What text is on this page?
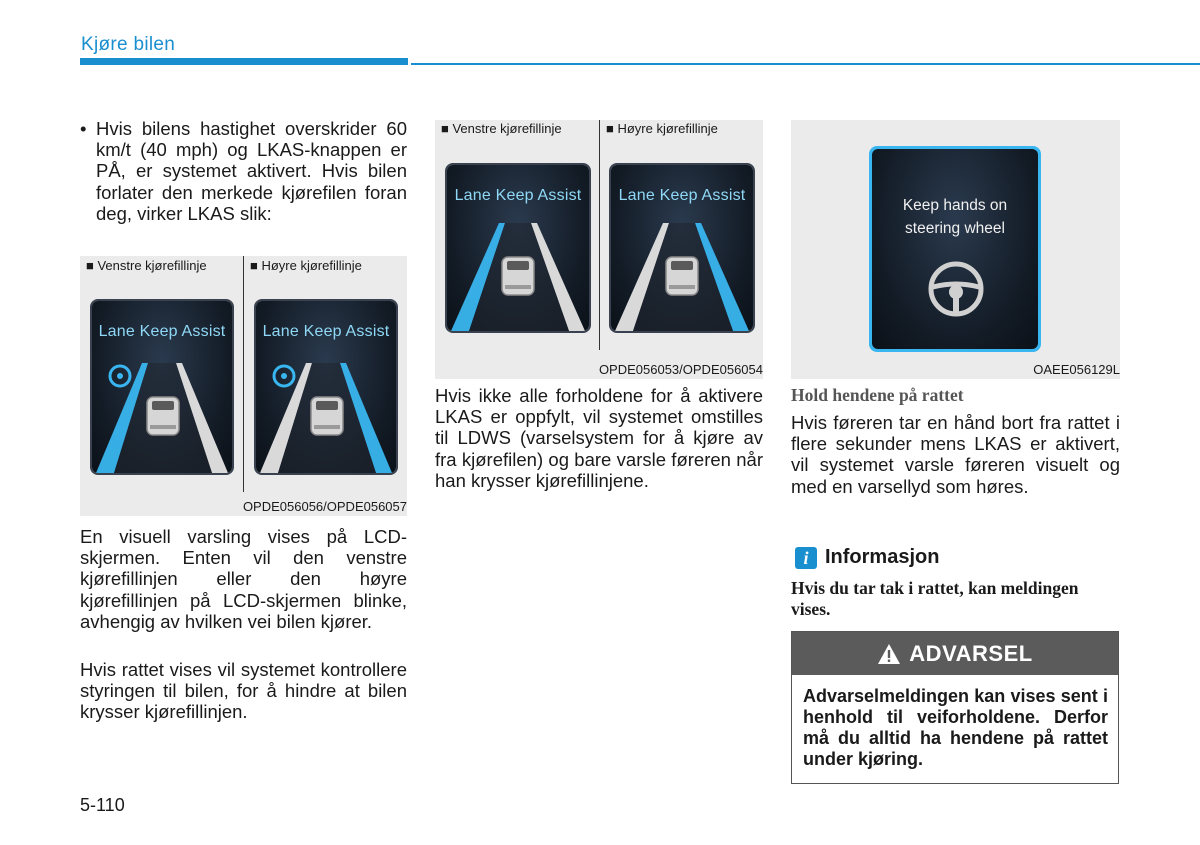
Kjøre bilen
• Hvis bilens hastighet overskrider 60 km/t (40 mph) og LKAS-knappen er PÅ, er systemet aktivert. Hvis bilen forlater den merkede kjørefilen foran deg, virker LKAS slik:
■ Venstre kjørefillinje	■ Høyre kjørefillinje
Lane Keep Assist	Lane Keep Assist
OPDE056056/OPDE056057
En visuell varsling vises på LCD-skjermen. Enten vil den venstre kjørefillinjen eller den høyre kjørefillinjen på LCD-skjermen blinke, avhengig av hvilken vei bilen kjører.
Hvis rattet vises vil systemet kontrollere styringen til bilen, for å hindre at bilen krysser kjørefillinjen.
■ Venstre kjørefillinje	■ Høyre kjørefillinje
Lane Keep Assist	Lane Keep Assist
OPDE056053/OPDE056054
Hvis ikke alle forholdene for å aktivere LKAS er oppfylt, vil systemet omstilles til LDWS (varselsystem for å kjøre av fra kjørefilen) og bare varsle føreren når han krysser kjørefillinjene.
Keep hands on
steering wheel
OAEE056129L
Hold hendene på rattet
Hvis føreren tar en hånd bort fra rattet i flere sekunder mens LKAS er aktivert, vil systemet varsle føreren visuelt og med en varsellyd som høres.
i Informasjon
Hvis du tar tak i rattet, kan meldingen vises.
ADVARSEL
Advarselmeldingen kan vises sent i henhold til veiforholdene. Derfor må du alltid ha hendene på rattet under kjøring.
5-110
